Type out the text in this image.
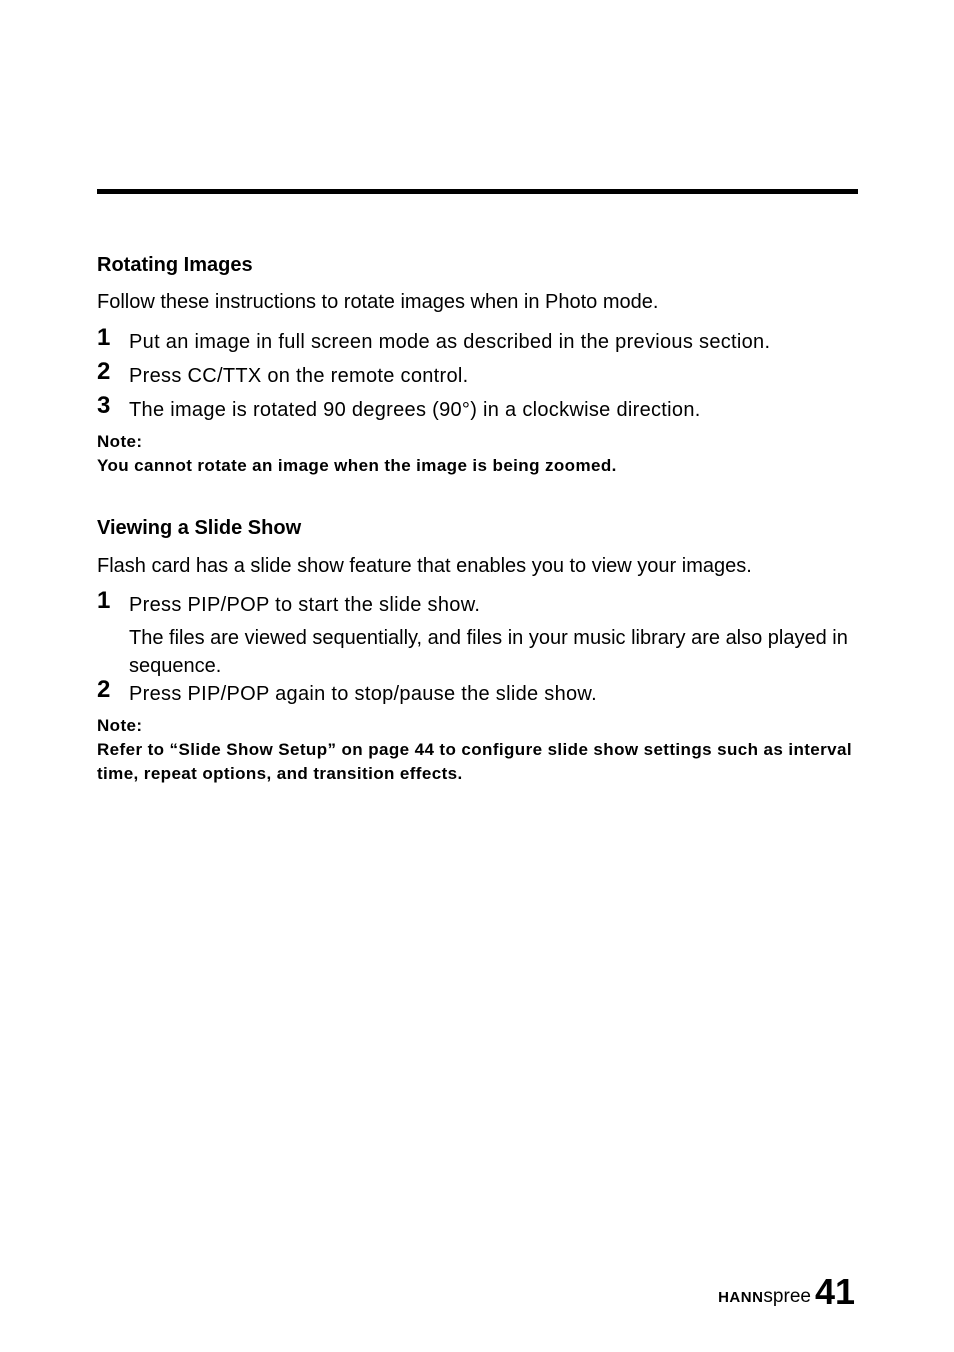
Rotating Images
Follow these instructions to rotate images when in Photo mode.
1 Put an image in full screen mode as described in the previous section.
2 Press CC/TTX on the remote control.
3 The image is rotated 90 degrees (90°) in a clockwise direction.
Note:
You cannot rotate an image when the image is being zoomed.
Viewing a Slide Show
Flash card has a slide show feature that enables you to view your images.
1 Press PIP/POP to start the slide show.
The files are viewed sequentially, and files in your music library are also played in sequence.
2 Press PIP/POP again to stop/pause the slide show.
Note:
Refer to “Slide Show Setup” on page 44 to configure slide show settings such as interval time, repeat options, and transition effects.
HANNspree 41
